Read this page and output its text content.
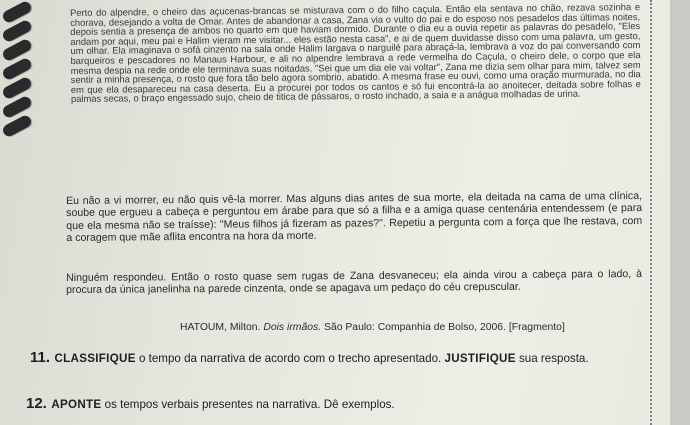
Perto do alpendre, o cheiro das açucenas-brancas se misturava com o do filho caçula. Então ela sentava no chão, rezava sozinha e chorava, desejando a volta de Omar. Antes de abandonar a casa, Zana via o vulto do pai e do esposo nos pesadelos das últimas noites, depois sentia a presença de ambos no quarto em que haviam dormido. Durante o dia eu a ouvia repetir as palavras do pesadelo, "Eles andam por aqui, meu pai e Halim vieram me visitar... eles estão nesta casa", e ai de quem duvidasse disso com uma palavra, um gesto, um olhar. Ela imaginava o sofá cinzento na sala onde Halim largava o narguilé para abraçá-la, lembrava a voz do pai conversando com barqueiros e pescadores no Manaus Harbour, e ali no alpendre lembrava a rede vermelha do Caçula, o cheiro dele, o corpo que ela mesma despia na rede onde ele terminava suas noitadas. "Sei que um dia ele vai voltar", Zana me dizia sem olhar para mim, talvez sem sentir a minha presença, o rosto que fora tão belo agora sombrio, abatido. A mesma frase eu ouvi, como uma oração murmurada, no dia em que ela desapareceu na casa deserta. Eu a procurei por todos os cantos e só fui encontrá-la ao anoitecer, deitada sobre folhas e palmas secas, o braço engessado sujo, cheio de titica de pássaros, o rosto inchado, a saia e a anágua molhadas de urina.

Eu não a vi morrer, eu não quis vê-la morrer. Mas alguns dias antes de sua morte, ela deitada na cama de uma clínica, soube que ergueu a cabeça e perguntou em árabe para que só a filha e a amiga quase centenária entendessem (e para que ela mesma não se traísse): "Meus filhos já fizeram as pazes?". Repetiu a pergunta com a força que lhe restava, com a coragem que mãe aflita encontra na hora da morte.

Ninguém respondeu. Então o rosto quase sem rugas de Zana desvaneceu; ela ainda virou a cabeça para o lado, à procura da única janelinha na parede cinzenta, onde se apagava um pedaço do céu crepuscular.

HATOUM, Milton. Dois irmãos. São Paulo: Companhia de Bolso, 2006. [Fragmento]

11. CLASSIFIQUE o tempo da narrativa de acordo com o trecho apresentado. JUSTIFIQUE sua resposta.

12. APONTE os tempos verbais presentes na narrativa. Dê exemplos.
